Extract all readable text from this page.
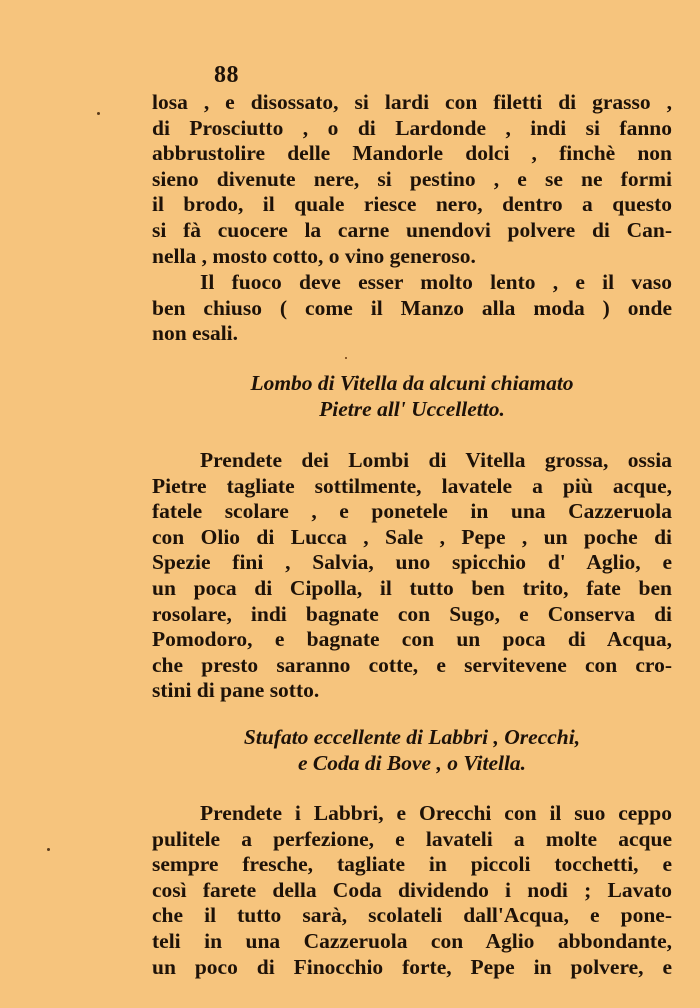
88
losa , e disossato, si lardi con filetti di grasso ,
di Prosciutto , o di Lardonde , indi si fanno
abbrustolire delle Mandorle dolci , finchè non
sieno divenute nere, si pestino , e se ne formi
il brodo, il quale riesce nero, dentro a questo
si fà cuocere la carne unendovi polvere di Can-
nella , mosto cotto, o vino generoso.
Il fuoco deve esser molto lento , e il vaso
ben chiuso ( come il Manzo alla moda ) onde
non esali.
Lombo di Vitella da alcuni chiamato
Pietre all' Uccelletto.
Prendete dei Lombi di Vitella grossa, ossia
Pietre tagliate sottilmente, lavatele a più acque,
fatele scolare , e ponetele in una Cazzeruola
con Olio di Lucca , Sale , Pepe , un poche di
Spezie fini , Salvia, uno spicchio d' Aglio, e
un poca di Cipolla, il tutto ben trito, fate ben
rosolare, indi bagnate con Sugo, e Conserva di
Pomodoro, e bagnate con un poca di Acqua,
che presto saranno cotte, e servitevene con cro-
stini di pane sotto.
Stufato eccellente di Labbri , Orecchi,
e Coda di Bove , o Vitella.
Prendete i Labbri, e Orecchi con il suo ceppo
pulitele a perfezione, e lavateli a molte acque
sempre fresche, tagliate in piccoli tocchetti, e
così farete della Coda dividendo i nodi ; Lavato
che il tutto sarà, scolateli dall'Acqua, e pone-
teli in una Cazzeruola con Aglio abbondante,
un poco di Finocchio forte, Pepe in polvere, e
